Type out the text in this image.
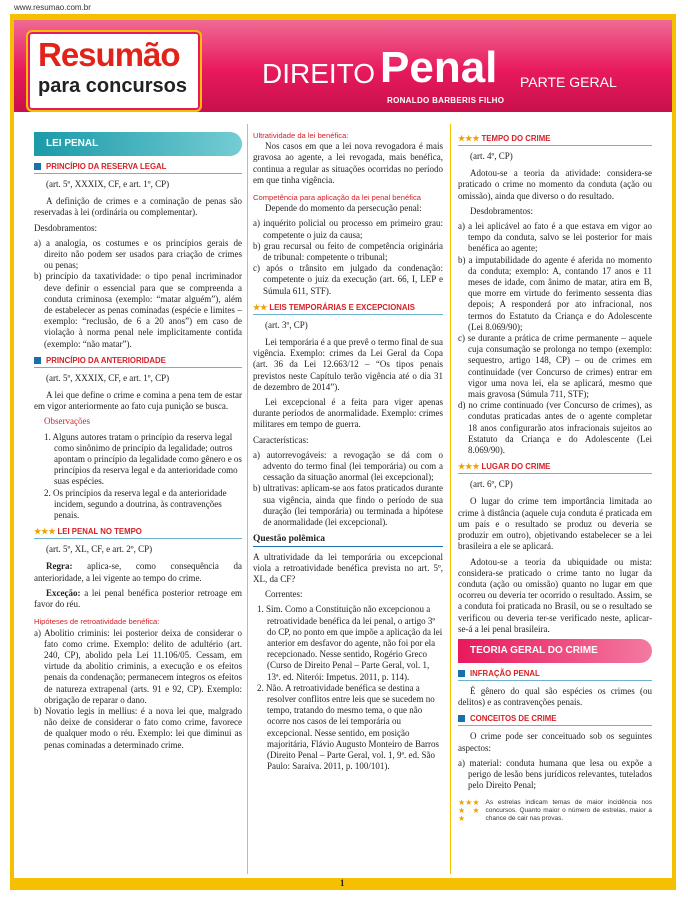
www.resumao.com.br
Resumão
para concursos	DIREITO Penal PARTE GERAL
RONALDO BARBERIS FILHO
LEI PENAL
PRINCÍPIO DA RESERVA LEGAL

(art. 5º, XXXIX, CF, e art. 1º, CP)

A definição de crimes e a cominação de penas são reservadas à lei (ordinária ou complementar).

Desdobramentos:

a) a analogia, os costumes e os princípios gerais de direito não podem ser usados para criação de crimes ou penas;

b) princípio da taxatividade: o tipo penal incriminador deve definir o essencial para que se compreenda a conduta criminosa (exemplo: “matar alguém”), além de estabelecer as penas cominadas (espécie e limites – exemplo: “reclusão, de 6 a 20 anos”) em caso de violação à norma penal nele implicitamente contida (exemplo: “não matar”).

PRINCÍPIO DA ANTERIORIDADE

(art. 5º, XXXIX, CF, e art. 1º, CP)

A lei que define o crime e comina a pena tem de estar em vigor anteriormente ao fato cuja punição se busca.

Observações

1. Alguns autores tratam o princípio da reserva legal como sinônimo de princípio da legalidade; outros apontam o princípio da legalidade como gênero e os princípios da reserva legal e da anterioridade como suas espécies.

2. Os princípios da reserva legal e da anterioridade incidem, segundo a doutrina, às contravenções penais.

★★★ LEI PENAL NO TEMPO

(art. 5º, XL, CF, e art. 2º, CP)

Regra: aplica-se, como consequência da anterioridade, a lei vigente ao tempo do crime.

Exceção: a lei penal benéfica posterior retroage em favor do réu.

Hipóteses de retroatividade benéfica:

a) Abolitio criminis: lei posterior deixa de considerar o fato como crime. Exemplo: delito de adultério (art. 240, CP), abolido pela Lei 11.106/05. Cessam, em virtude da abolitio criminis, a execução e os efeitos penais da condenação; permanecem íntegros os efeitos de natureza extrapenal (arts. 91 e 92, CP). Exemplo: obrigação de reparar o dano.

b) Novatio legis in mellius: é a nova lei que, malgrado não deixe de considerar o fato como crime, favorece de qualquer modo o réu. Exemplo: lei que diminui as penas cominadas a determinado crime.

Ultratividade da lei benéfica:

Nos casos em que a lei nova revogadora é mais gravosa ao agente, a lei revogada, mais benéfica, continua a regular as situações ocorridas no período em que tinha vigência.

Competência para aplicação da lei penal benéfica

Depende do momento da persecução penal:

a) inquérito policial ou processo em primeiro grau: competente o juiz da causa;

b) grau recursal ou feito de competência originária de tribunal: competente o tribunal;

c) após o trânsito em julgado da condenação: competente o juiz da execução (art. 66, I, LEP e Súmula 611, STF).

★★ LEIS TEMPORÁRIAS E EXCEPCIONAIS

(art. 3º, CP)

Lei temporária é a que prevê o termo final de sua vigência. Exemplo: crimes da Lei Geral da Copa (art. 36 da Lei 12.663/12 – “Os tipos penais previstos neste Capítulo terão vigência até o dia 31 de dezembro de 2014”).

Lei excepcional é a feita para viger apenas durante períodos de anormalidade. Exemplo: crimes militares em tempo de guerra.

Características:

a) autorrevogáveis: a revogação se dá com o advento do termo final (lei temporária) ou com a cessação da situação anormal (lei excepcional);

b) ultrativas: aplicam-se aos fatos praticados durante sua vigência, ainda que findo o período de sua duração (lei temporária) ou terminada a hipótese de anormalidade (lei excepcional).

Questão polêmica

A ultratividade da lei temporária ou excepcional viola a retroatividade benéfica prevista no art. 5º, XL, da CF?

Correntes:

1. Sim. Como a Constituição não excepcionou a retroatividade benéfica da lei penal, o artigo 3º do CP, no ponto em que impõe a aplicação da lei anterior em desfavor do agente, não foi por ela recepcionado. Nesse sentido, Rogério Greco (Curso de Direito Penal – Parte Geral, vol. 1, 13ª. ed. Niterói: Impetus. 2011, p. 114).

2. Não. A retroatividade benéfica se destina a resolver conflitos entre leis que se sucedem no tempo, tratando do mesmo tema, o que não ocorre nos casos de lei temporária ou excepcional. Nesse sentido, em posição majoritária, Flávio Augusto Monteiro de Barros (Direito Penal – Parte Geral, vol. 1, 9ª. ed. São Paulo: Saraiva. 2011, p. 100/101).

★★★ TEMPO DO CRIME

(art. 4º, CP)

Adotou-se a teoria da atividade: considera-se praticado o crime no momento da conduta (ação ou omissão), ainda que diverso o do resultado.

Desdobramentos:

a) a lei aplicável ao fato é a que estava em vigor ao tempo da conduta, salvo se lei posterior for mais benéfica ao agente;

b) a imputabilidade do agente é aferida no momento da conduta; exemplo: A, contando 17 anos e 11 meses de idade, com ânimo de matar, atira em B, que morre em virtude do ferimento sessenta dias depois; A responderá por ato infracional, nos termos do Estatuto da Criança e do Adolescente (Lei 8.069/90);

c) se durante a prática de crime permanente – aquele cuja consumação se prolonga no tempo (exemplo: sequestro, artigo 148, CP) – ou de crimes em continuidade (ver Concurso de crimes) entrar em vigor uma nova lei, ela se aplicará, mesmo que mais gravosa (Súmula 711, STF);

d) no crime continuado (ver Concurso de crimes), as condutas praticadas antes de o agente completar 18 anos configurarão atos infracionais sujeitos ao Estatuto da Criança e do Adolescente (Lei 8.069/90).

★★★ LUGAR DO CRIME

(art. 6º, CP)

O lugar do crime tem importância limitada ao crime à distância (aquele cuja conduta é praticada em um país e o resultado se produz ou deveria se produzir em outro), objetivando estabelecer se a lei brasileira a ele se aplicará.

Adotou-se a teoria da ubiquidade ou mista: considera-se praticado o crime tanto no lugar da conduta (ação ou omissão) quanto no lugar em que ocorreu ou deveria ter ocorrido o resultado. Assim, se a conduta foi praticada no Brasil, ou se o resultado se verificou ou deveria ter-se verificado neste, aplicar-se-á a lei penal brasileira.

TEORIA GERAL DO CRIME
INFRAÇÃO PENAL

É gênero do qual são espécies os crimes (ou delitos) e as contravenções penais.

CONCEITOS DE CRIME

O crime pode ser conceituado sob os seguintes aspectos:

a) material: conduta humana que lesa ou expõe a perigo de lesão bens jurídicos relevantes, tutelados pelo Direito Penal;

★★★ ★★ ★
As estrelas indicam temas de maior incidência nos concursos. Quanto maior o número de estrelas, maior a chance de cair nas provas.
1
